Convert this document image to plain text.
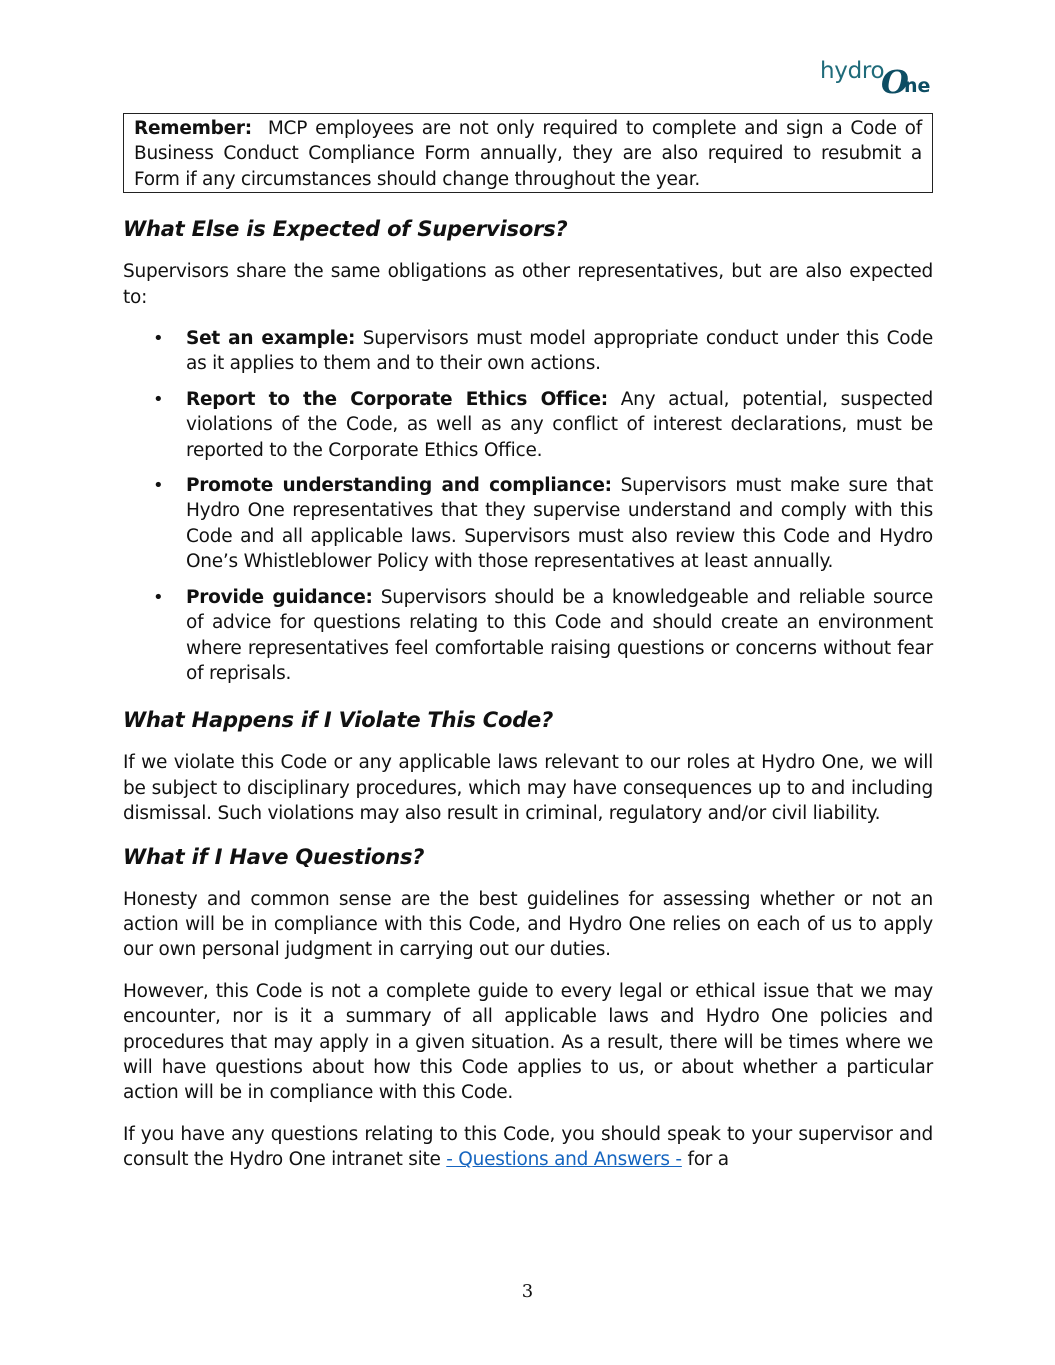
hydro
O
ne
Remember: MCP employees are not only required to complete and sign a Code of Business Conduct Compliance Form annually, they are also required to resubmit a Form if any circumstances should change throughout the year.
What Else is Expected of Supervisors?

Supervisors share the same obligations as other representatives, but are also expected to:

• Set an example: Supervisors must model appropriate conduct under this Code as it applies to them and to their own actions.
• Report to the Corporate Ethics Office: Any actual, potential, suspected violations of the Code, as well as any conflict of interest declarations, must be reported to the Corporate Ethics Office.
• Promote understanding and compliance: Supervisors must make sure that Hydro One representatives that they supervise understand and comply with this Code and all applicable laws. Supervisors must also review this Code and Hydro One’s Whistleblower Policy with those representatives at least annually.
• Provide guidance: Supervisors should be a knowledgeable and reliable source of advice for questions relating to this Code and should create an environment where representatives feel comfortable raising questions or concerns without fear of reprisals.
What Happens if I Violate This Code?

If we violate this Code or any applicable laws relevant to our roles at Hydro One, we will be subject to disciplinary procedures, which may have consequences up to and including dismissal. Such violations may also result in criminal, regulatory and/or civil liability.

What if I Have Questions?

Honesty and common sense are the best guidelines for assessing whether or not an action will be in compliance with this Code, and Hydro One relies on each of us to apply our own personal judgment in carrying out our duties.

However, this Code is not a complete guide to every legal or ethical issue that we may encounter, nor is it a summary of all applicable laws and Hydro One policies and procedures that may apply in a given situation. As a result, there will be times where we will have questions about how this Code applies to us, or about whether a particular action will be in compliance with this Code.

If you have any questions relating to this Code, you should speak to your supervisor and consult the Hydro One intranet site - Questions and Answers - for a

3
